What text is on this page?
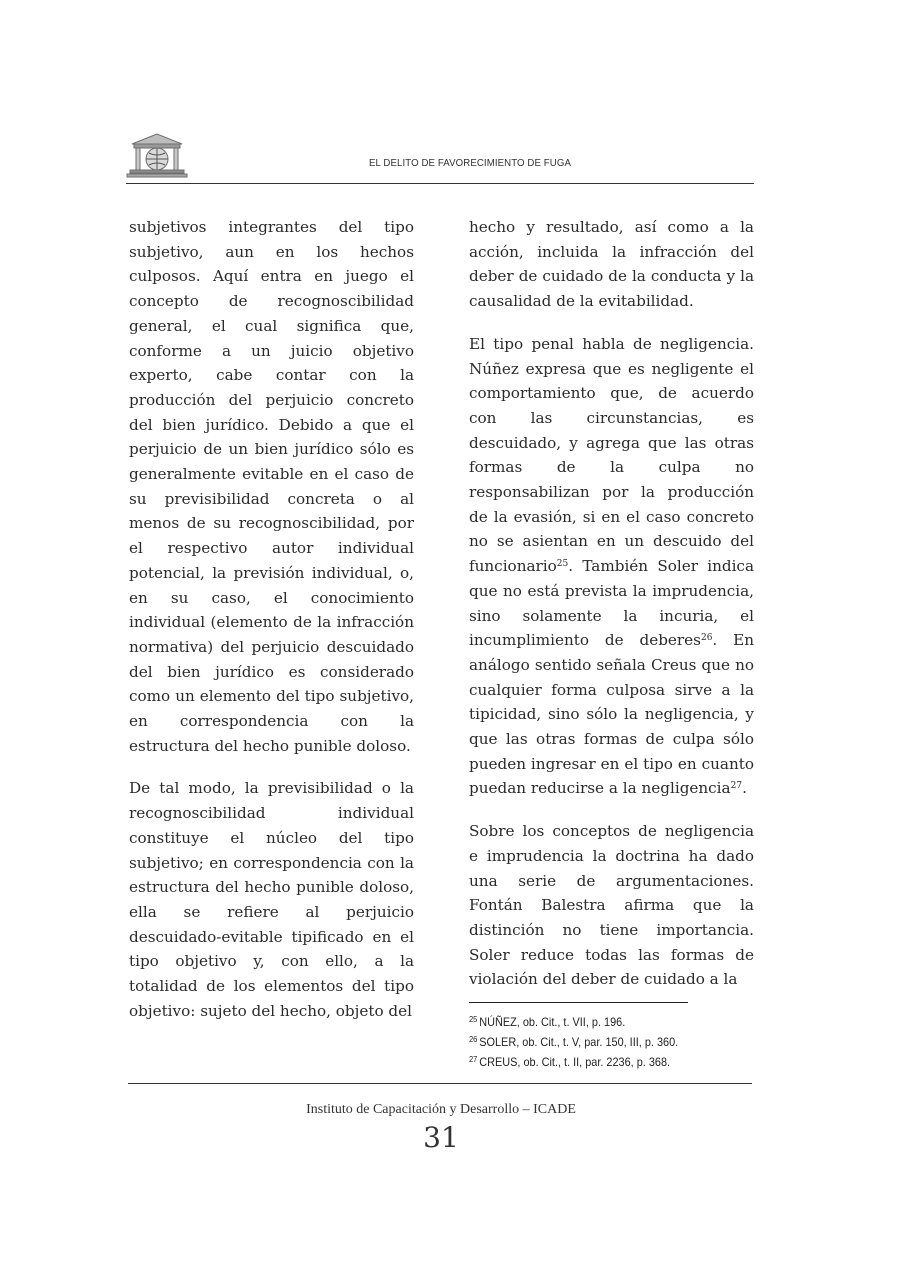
EL DELITO DE FAVORECIMIENTO DE FUGA

subjetivos integrantes del tipo subjetivo, aun en los hechos culposos. Aquí entra en juego el concepto de recognoscibilidad general, el cual significa que, conforme a un juicio objetivo experto, cabe contar con la producción del perjuicio concreto del bien jurídico. Debido a que el perjuicio de un bien jurídico sólo es generalmente evitable en el caso de su previsibilidad concreta o al menos de su recognoscibilidad, por el respectivo autor individual potencial, la previsión individual, o, en su caso, el conocimiento individual (elemento de la infracción normativa) del perjuicio descuidado del bien jurídico es considerado como un elemento del tipo subjetivo, en correspondencia con la estructura del hecho punible doloso.

De tal modo, la previsibilidad o la recognoscibilidad individual constituye el núcleo del tipo subjetivo; en correspondencia con la estructura del hecho punible doloso, ella se refiere al perjuicio descuidado-evitable tipificado en el tipo objetivo y, con ello, a la totalidad de los elementos del tipo objetivo: sujeto del hecho, objeto del

hecho y resultado, así como a la acción, incluida la infracción del deber de cuidado de la conducta y la causalidad de la evitabilidad.

El tipo penal habla de negligencia. Núñez expresa que es negligente el comportamiento que, de acuerdo con las circunstancias, es descuidado, y agrega que las otras formas de la culpa no responsabilizan por la producción de la evasión, si en el caso concreto no se asientan en un descuido del funcionario$^{25}$. También Soler indica que no está prevista la imprudencia, sino solamente la incuria, el incumplimiento de deberes$^{26}$. En análogo sentido señala Creus que no cualquier forma culposa sirve a la tipicidad, sino sólo la negligencia, y que las otras formas de culpa sólo pueden ingresar en el tipo en cuanto puedan reducirse a la negligencia$^{27}$.

Sobre los conceptos de negligencia e imprudencia la doctrina ha dado una serie de argumentaciones. Fontán Balestra afirma que la distinción no tiene importancia. Soler reduce todas las formas de violación del deber de cuidado a la

$^{25}$ NÚÑEZ, ob. Cit., t. VII, p. 196.
$^{26}$ SOLER, ob. Cit., t. V, par. 150, III, p. 360.
$^{27}$ CREUS, ob. Cit., t. II, par. 2236, p. 368.
Instituto de Capacitación y Desarrollo – ICADE
31
